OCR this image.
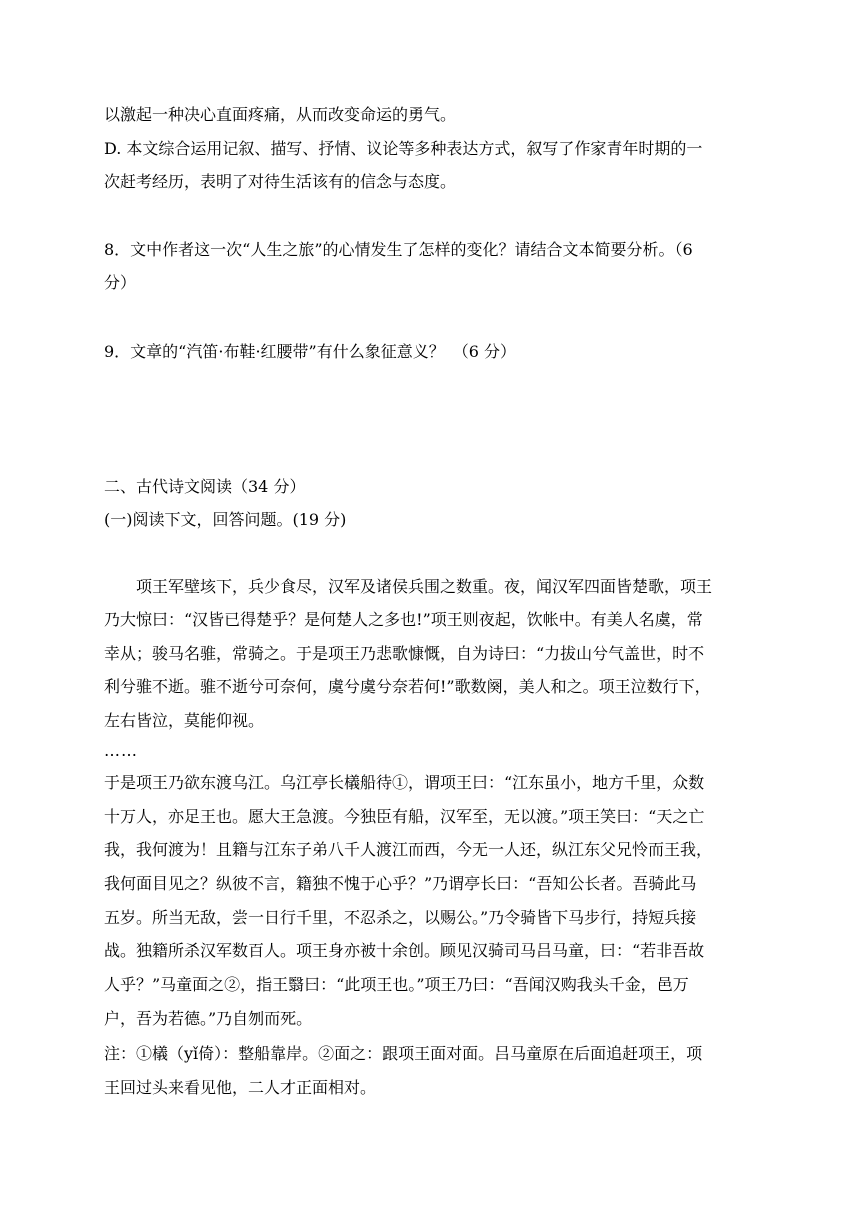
以激起一种决心直面疼痛，从而改变命运的勇气。

D. 本文综合运用记叙、描写、抒情、议论等多种表达方式，叙写了作家青年时期的一

次赶考经历，表明了对待生活该有的信念与态度。

8．文中作者这一次“人生之旅”的心情发生了怎样的变化？请结合文本简要分析。（6

分）

9．文章的“汽笛·布鞋·红腰带”有什么象征意义？　（6 分）

二、古代诗文阅读（34 分）

(一)阅读下文，回答问题。(19 分)

项王军壁垓下，兵少食尽，汉军及诸侯兵围之数重。夜，闻汉军四面皆楚歌，项王

乃大惊曰：“汉皆已得楚乎？是何楚人之多也!”项王则夜起，饮帐中。有美人名虞，常

幸从；骏马名骓，常骑之。于是项王乃悲歌慷慨，自为诗曰：“力拔山兮气盖世，时不

利兮骓不逝。骓不逝兮可奈何，虞兮虞兮奈若何!”歌数阕，美人和之。项王泣数行下，

左右皆泣，莫能仰视。

……

于是项王乃欲东渡乌江。乌江亭长檥船待①，谓项王曰：“江东虽小，地方千里，众数

十万人，亦足王也。愿大王急渡。今独臣有船，汉军至，无以渡。”项王笑曰：“天之亡

我，我何渡为！且籍与江东子弟八千人渡江而西，今无一人还，纵江东父兄怜而王我，

我何面目见之？纵彼不言，籍独不愧于心乎？”乃谓亭长曰：“吾知公长者。吾骑此马

五岁。所当无敌，尝一日行千里，不忍杀之，以赐公。”乃令骑皆下马步行，持短兵接

战。独籍所杀汉军数百人。项王身亦被十余创。顾见汉骑司马吕马童，曰：“若非吾故

人乎？”马童面之②，指王翳曰：“此项王也。”项王乃曰：“吾闻汉购我头千金，邑万

户，吾为若德。”乃自刎而死。

注：①檥（yǐ倚）：整船靠岸。②面之：跟项王面对面。吕马童原在后面追赶项王，项

王回过头来看见他，二人才正面相对。
